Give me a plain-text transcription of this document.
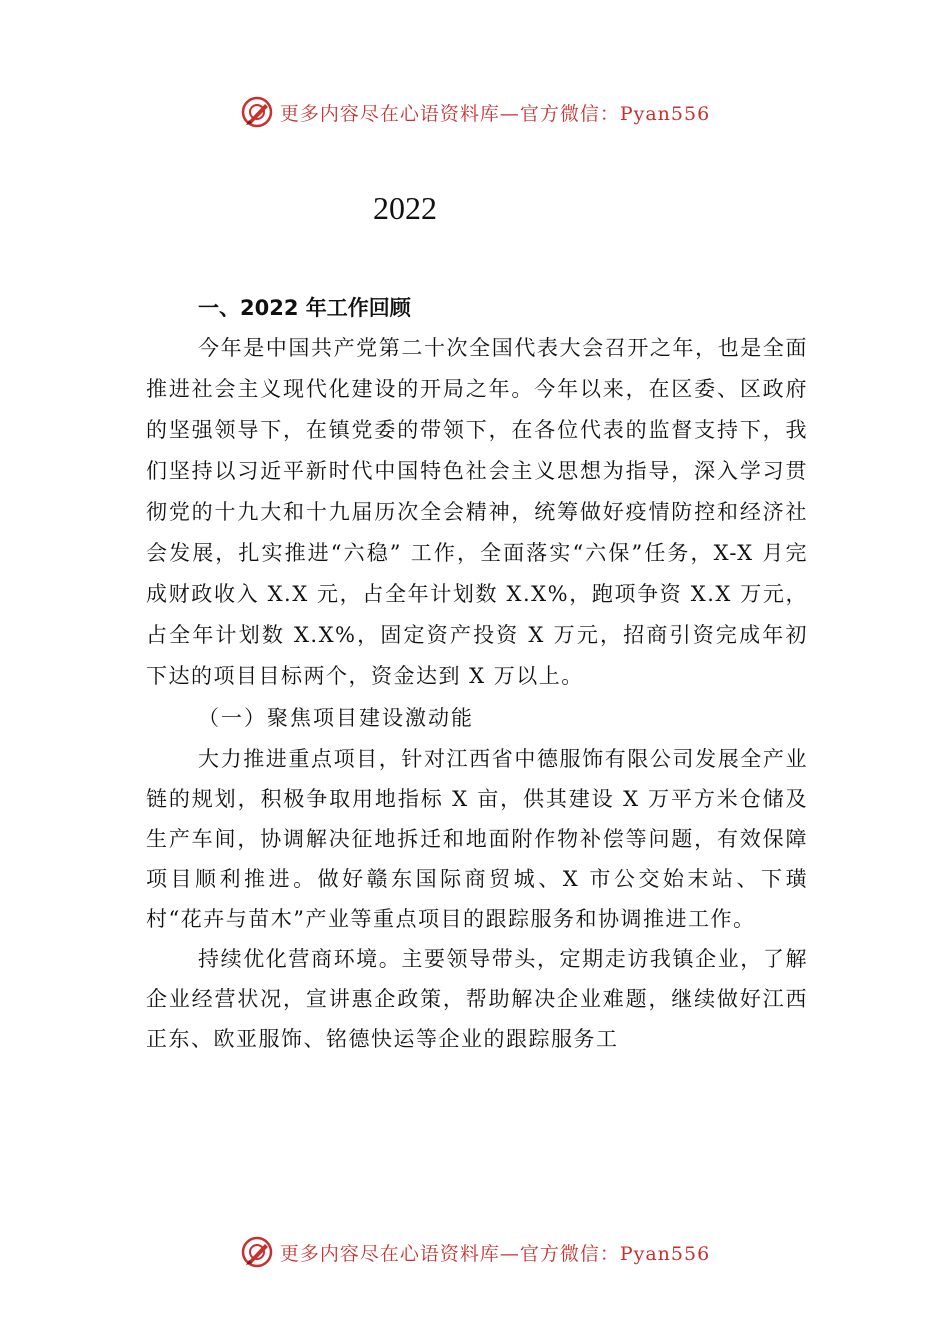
更多内容尽在心语资料库—官方微信：Pyan556
2022
一、2022 年工作回顾

今年是中国共产党第二十次全国代表大会召开之年，也是全面推进社会主义现代化建设的开局之年。今年以来，在区委、区政府的坚强领导下，在镇党委的带领下，在各位代表的监督支持下，我们坚持以习近平新时代中国特色社会主义思想为指导，深入学习贯彻党的十九大和十九届历次全会精神，统筹做好疫情防控和经济社会发展，扎实推进“六稳” 工作，全面落实“六保”任务，X-X 月完成财政收入 X.X 元，占全年计划数 X.X%，跑项争资 X.X 万元，占全年计划数 X.X%，固定资产投资 X 万元，招商引资完成年初下达的项目目标两个，资金达到 X 万以上。

（一）聚焦项目建设激动能

大力推进重点项目，针对江西省中德服饰有限公司发展全产业链的规划，积极争取用地指标 X 亩，供其建设 X 万平方米仓储及生产车间，协调解决征地拆迁和地面附作物补偿等问题，有效保障项目顺利推进。做好赣东国际商贸城、X 市公交始末站、下璜村“花卉与苗木”产业等重点项目的跟踪服务和协调推进工作。

持续优化营商环境。主要领导带头，定期走访我镇企业，了解企业经营状况，宣讲惠企政策，帮助解决企业难题，继续做好江西正东、欧亚服饰、铭德快运等企业的跟踪服务工

更多内容尽在心语资料库—官方微信：Pyan556
